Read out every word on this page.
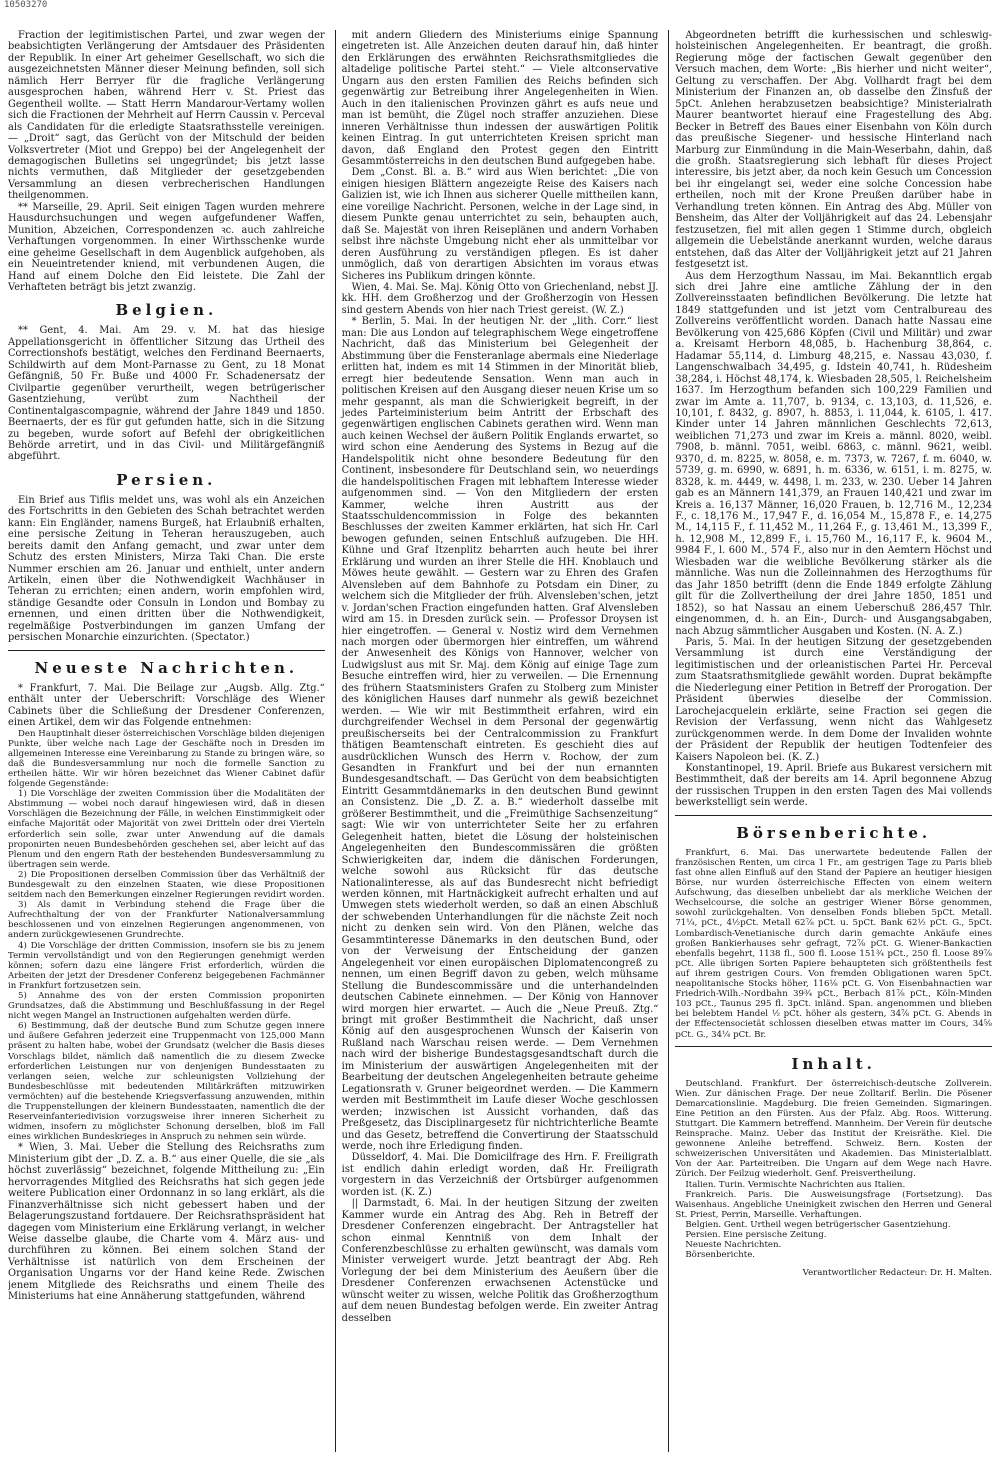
10503270

Fraction der legitimistischen Partei, und zwar wegen der beabsichtigten Verlängerung der Amtsdauer des Präsidenten der Republik. In einer Art geheimer Gesellschaft, wo sich die ausgezeichnetsten Männer dieser Meinung befinden, soll sich nämlich Herr Berryer für die fragliche Verlängerung ausgesprochen haben, während Herr v. St. Priest das Gegentheil wollte. — Statt Herrn Mandarour-Vertamy wollen sich die Fractionen der Mehrheit auf Herrn Caussin v. Perceval als Candidaten für die erledigte Staatsrathsstelle vereinigen. — „Droit“ sagt, das Gerücht von der Mitschuld der beiden Volksvertreter (Miot und Greppo) bei der Angelegenheit der demagogischen Bulletins sei ungegründet; bis jetzt lasse nichts vermuthen, daß Mitglieder der gesetzgebenden Versammlung an diesen verbrecherischen Handlungen theilgenommen.

** Marseille, 29. April. Seit einigen Tagen wurden mehrere Hausdurchsuchungen und wegen aufgefundener Waffen, Munition, Abzeichen, Correspondenzen ꝛc. auch zahlreiche Verhaftungen vorgenommen. In einer Wirthsschenke wurde eine geheime Gesellschaft in dem Augenblick aufgehoben, als ein Neueintretender kniend, mit verbundenen Augen, die Hand auf einem Dolche den Eid leistete. Die Zahl der Verhafteten beträgt bis jetzt zwanzig.

Belgien.

** Gent, 4. Mai. Am 29. v. M. hat das hiesige Appellationsgericht in öffentlicher Sitzung das Urtheil des Correctionshofs bestätigt, welches den Ferdinand Beernaerts, Schildwirth auf dem Mont-Parnasse zu Gent, zu 18 Monat Gefängniß, 50 Fr. Buße und 4000 Fr. Schadenersatz der Civilpartie gegenüber verurtheilt, wegen betrügerischer Gasentziehung, verübt zum Nachtheil der Continentalgascompagnie, während der Jahre 1849 und 1850. Beernaerts, der es für gut gefunden hatte, sich in die Sitzung zu begeben, wurde sofort auf Befehl der obrigkeitlichen Behörde arretirt, und in das Civil- und Militärgefängniß abgeführt.

Persien.

Ein Brief aus Tiflis meldet uns, was wohl als ein Anzeichen des Fortschritts in den Gebieten des Schah betrachtet werden kann: Ein Engländer, namens Burgeß, hat Erlaubniß erhalten, eine persische Zeitung in Teheran herauszugeben, auch bereits damit den Anfang gemacht, und zwar unter dem Schutz des ersten Ministers, Mirza Taki Chan. Die erste Nummer erschien am 26. Januar und enthielt, unter andern Artikeln, einen über die Nothwendigkeit Wachhäuser in Teheran zu errichten; einen andern, worin empfohlen wird, ständige Gesandte oder Consuln in London und Bombay zu ernennen, und einen dritten über die Nothwendigkeit, regelmäßige Postverbindungen im ganzen Umfang der persischen Monarchie einzurichten. (Spectator.)

Neueste Nachrichten.

* Frankfurt, 7. Mai. Die Beilage zur „Augsb. Allg. Ztg.“ enthält unter der Ueberschrift: Vorschläge des Wiener Cabinets über die Schließung der Dresdener Conferenzen, einen Artikel, dem wir das Folgende entnehmen:

Den Hauptinhalt dieser österreichischen Vorschläge bilden diejenigen Punkte, über welche nach Lage der Geschäfte noch in Dresden im allgemeinen Interesse eine Vereinbarung zu Stande zu bringen wäre, so daß die Bundesversammlung nur noch die formelle Sanction zu ertheilen hätte. Wir wir hören bezeichnet das Wiener Cabinet dafür folgende Gegenstände:

1) Die Vorschläge der zweiten Commission über die Modalitäten der Abstimmung — wobei noch darauf hingewiesen wird, daß in diesen Vorschlägen die Bezeichnung der Fälle, in welchen Einstimmigkeit oder einfache Majorität oder Majorität von zwei Dritteln oder drei Vierteln erforderlich sein solle, zwar unter Anwendung auf die damals proponirten neuen Bundesbehörden geschehen sei, aber leicht auf das Plenum und den engern Rath der bestehenden Bundesversammlung zu übertragen sein werde.

2) Die Propositionen derselben Commission über das Verhältniß der Bundesgewalt zu den einzelnen Staaten, wie diese Propositionen seitdem nach den Bemerkungen einzelner Regierungen revidirt worden.

3) Als damit in Verbindung stehend die Frage über die Aufrechthaltung der von der Frankfurter Nationalversammlung beschlossenen und von einzelnen Regierungen angenommenen, von andern zurückgewiesenen Grundrechte.

4) Die Vorschläge der dritten Commission, insofern sie bis zu jenem Termin vervollständigt und von den Regierungen genehmigt werden können; sofern dazu eine längere Frist erforderlich, würden die Arbeiten der jetzt der Dresdener Conferenz beigegebenen Fachmänner in Frankfurt fortzusetzen sein.

5) Annahme des von der ersten Commission proponirten Grundsatzes, daß die Abstimmung und Beschlußfassung in der Regel nicht wegen Mangel an Instructionen aufgehalten werden dürfe.

6) Bestimmung, daß der deutsche Bund zum Schutze gegen innere und äußere Gefahren jederzeit eine Truppenmacht von 125,000 Mann präsent zu halten habe, wobei der Grundsatz (welcher die Basis dieses Vorschlags bildet, nämlich daß namentlich die zu diesem Zwecke erforderlichen Leistungen nur von denjenigen Bundesstaaten zu verlangen seien, welche zur schleunigsten Vollziehung der Bundesbeschlüsse mit bedeutenden Militärkräften mitzuwirken vermöchten) auf die bestehende Kriegsverfassung anzuwenden, mithin die Truppenstellungen der kleinern Bundesstaaten, namentlich die der Reserveinfanteriedivision vorzugsweise ihrer inneren Sicherheit zu widmen, insofern zu möglichster Schonung derselben, bloß im Fall eines wirklichen Bundeskrieges in Anspruch zu nehmen sein würde.

* Wien, 3. Mai. Ueber die Stellung des Reichsraths zum Ministerium gibt der „D. Z. a. B.“ aus einer Quelle, die sie „als höchst zuverlässig“ bezeichnet, folgende Mittheilung zu: „Ein hervorragendes Mitglied des Reichsraths hat sich gegen jede weitere Publication einer Ordonnanz in so lang erklärt, als die Finanzverhältnisse sich nicht gebessert haben und der Belagerungszustand fortdauere. Der Reichsrathspräsident hat dagegen vom Ministerium eine Erklärung verlangt, in welcher Weise dasselbe glaube, die Charte vom 4. März aus- und durchführen zu können. Bei einem solchen Stand der Verhältnisse ist natürlich von dem Erscheinen der Organisation Ungarns vor der Hand keine Rede. Zwischen jenem Mitgliede des Reichsraths und einem Theile des Ministeriums hat eine Annäherung stattgefunden, während

mit andern Gliedern des Ministeriums einige Spannung eingetreten ist. Alle Anzeichen deuten darauf hin, daß hinter den Erklärungen des erwähnten Reichsrathsmitgliedes die altadelige politische Partei steht.“ — Viele altconservative Ungarn aus den ersten Familien des Reichs befinden sich gegenwärtig zur Betreibung ihrer Angelegenheiten in Wien. Auch in den italienischen Provinzen gährt es aufs neue und man ist bemüht, die Zügel noch straffer anzuziehen. Diese inneren Verhältnisse thun indessen der auswärtigen Politik keinen Eintrag. In gut unterrichteten Kreisen spricht man davon, daß England den Protest gegen den Eintritt Gesammtösterreichs in den deutschen Bund aufgegeben habe.

Dem „Const. Bl. a. B.“ wird aus Wien berichtet: „Die von einigen hiesigen Blättern angezeigte Reise des Kaisers nach Galizien ist, wie ich Ihnen aus sicherer Quelle mittheilen kann, eine voreilige Nachricht. Personen, welche in der Lage sind, in diesem Punkte genau unterrichtet zu sein, behaupten auch, daß Se. Majestät von ihren Reiseplänen und andern Vorhaben selbst ihre nächste Umgebung nicht eher als unmittelbar vor deren Ausführung zu verständigen pflegen. Es ist daher unmöglich, daß von derartigen Absichten im voraus etwas Sicheres ins Publikum dringen könnte.

Wien, 4. Mai. Se. Maj. König Otto von Griechenland, nebst JJ. kk. HH. dem Großherzog und der Großherzogin von Hessen sind gestern Abends von hier nach Triest gereist. (W. Z.)

* Berlin, 5. Mai. In der heutigen Nr. der „lith. Corr.“ liest man: Die aus London auf telegraphischem Wege eingetroffene Nachricht, daß das Ministerium bei Gelegenheit der Abstimmung über die Fensteranlage abermals eine Niederlage erlitten hat, indem es mit 14 Stimmen in der Minorität blieb, erregt hier bedeutende Sensation. Wenn man auch in politischen Kreisen auf den Ausgang dieser neuen Krise um so mehr gespannt, als man die Schwierigkeit begreift, in der jedes Parteiministerium beim Antritt der Erbschaft des gegenwärtigen englischen Cabinets gerathen wird. Wenn man auch keinen Wechsel der äußern Politik Englands erwartet, so wird schon eine Aenderung des Systems in Bezug auf die Handelspolitik nicht ohne besondere Bedeutung für den Continent, insbesondere für Deutschland sein, wo neuerdings die handelspolitischen Fragen mit lebhaftem Interesse wieder aufgenommen sind. — Von den Mitgliedern der ersten Kammer, welche ihren Austritt aus der Staatsschuldencommission in Folge des bekannten Beschlusses der zweiten Kammer erklärten, hat sich Hr. Carl bewogen gefunden, seinen Entschluß aufzugeben. Die HH. Kühne und Graf Itzenplitz beharrten auch heute bei ihrer Erklärung und wurden an ihrer Stelle die HH. Knoblauch und Möwes heute gewählt. — Gestern war zu Ehren des Grafen Alvensleben auf dem Bahnhofe zu Potsdam ein Diner, zu welchem sich die Mitglieder der früh. Alvensleben'schen, jetzt v. Jordan'schen Fraction eingefunden hatten. Graf Alvensleben wird am 15. in Dresden zurück sein. — Professor Droysen ist hier eingetroffen. — General v. Nostiz wird dem Vernehmen nach morgen oder übermorgen hier eintreffen, um während der Anwesenheit des Königs von Hannover, welcher von Ludwigslust aus mit Sr. Maj. dem König auf einige Tage zum Besuche eintreffen wird, hier zu verweilen. — Die Ernennung des frühern Staatsministers Grafen zu Stolberg zum Minister des königlichen Hauses darf nunmehr als gewiß bezeichnet werden. — Wie wir mit Bestimmtheit erfahren, wird ein durchgreifender Wechsel in dem Personal der gegenwärtig preußischerseits bei der Centralcommission zu Frankfurt thätigen Beamtenschaft eintreten. Es geschieht dies auf ausdrücklichen Wunsch des Herrn v. Rochow, der zum Gesandten in Frankfurt und bei der nun ernannten Bundesgesandtschaft. — Das Gerücht von dem beabsichtigten Eintritt Gesammtdänemarks in den deutschen Bund gewinnt an Consistenz. Die „D. Z. a. B.“ wiederholt dasselbe mit größerer Bestimmtheit, und die „Freimüthige Sachsenzeitung“ sagt: Wie wir von unterrichteter Seite her zu erfahren Gelegenheit hatten, bietet die Lösung der holsteinischen Angelegenheiten den Bundescommissären die größten Schwierigkeiten dar, indem die dänischen Forderungen, welche sowohl aus Rücksicht für das deutsche Nationalinteresse, als auf das Bundesrecht nicht befriedigt werden können, mit Hartnäckigkeit aufrecht erhalten und auf Umwegen stets wiederholt werden, so daß an einen Abschluß der schwebenden Unterhandlungen für die nächste Zeit noch nicht zu denken sein wird. Von den Plänen, welche das Gesammtinteresse Dänemarks in den deutschen Bund, oder von der Verweisung der Entscheidung der ganzen Angelegenheit vor einen europäischen Diplomatencongreß zu nennen, um einen Begriff davon zu geben, welch mühsame Stellung die Bundescommissäre und die unterhandelnden deutschen Cabinete einnehmen. — Der König von Hannover wird morgen hier erwartet. — Auch die „Neue Preuß. Ztg.“ bringt mit großer Bestimmtheit die Nachricht, daß unser König auf den ausgesprochenen Wunsch der Kaiserin von Rußland nach Warschau reisen werde. — Dem Vernehmen nach wird der bisherige Bundestagsgesandtschaft durch die im Ministerium der auswärtigen Angelegenheiten mit der Bearbeitung der deutschen Angelegenheiten betraute geheime Legationsrath v. Gruner beigeordnet werden. — Die Kammern werden mit Bestimmtheit im Laufe dieser Woche geschlossen werden; inzwischen ist Aussicht vorhanden, daß das Preßgesetz, das Disciplinargesetz für nichtrichterliche Beamte und das Gesetz, betreffend die Convertirung der Staatsschuld werde, noch ihre Erledigung finden.

Düsseldorf, 4. Mai. Die Domicilfrage des Hrn. F. Freiligrath ist endlich dahin erledigt worden, daß Hr. Freiligrath vorgestern in das Verzeichniß der Ortsbürger aufgenommen worden ist. (K. Z.)

|| Darmstadt, 6. Mai. In der heutigen Sitzung der zweiten Kammer wurde ein Antrag des Abg. Reh in Betreff der Dresdener Conferenzen eingebracht. Der Antragsteller hat schon einmal Kenntniß von dem Inhalt der Conferenzbeschlüsse zu erhalten gewünscht, was damals vom Minister verweigert wurde. Jetzt beantragt der Abg. Reh Vorlegung der bei dem Ministerium des Aeußern über die Dresdener Conferenzen erwachsenen Actenstücke und wünscht weiter zu wissen, welche Politik das Großherzogthum auf dem neuen Bundestag befolgen werde. Ein zweiter Antrag desselben

Abgeordneten betrifft die kurhessischen und schleswig-holsteinischen Angelegenheiten. Er beantragt, die großh. Regierung möge der factischen Gewalt gegenüber den Versuch machen, dem Worte: „Bis hierher und nicht weiter“, Geltung zu verschaffen. Der Abg. Vollhardt fragt bei dem Ministerium der Finanzen an, ob dasselbe den Zinsfuß der 5pCt. Anlehen herabzusetzen beabsichtige? Ministerialrath Maurer beantwortet hierauf eine Fragestellung des Abg. Becker in Betreff des Baues einer Eisenbahn von Köln durch das preußische Siegener- und hessische Hinterland nach Marburg zur Einmündung in die Main-Weserbahn, dahin, daß die großh. Staatsregierung sich lebhaft für dieses Project interessire, bis jetzt aber, da noch kein Gesuch um Concession bei ihr eingelangt sei, weder eine solche Concession habe ertheilen, noch mit der Krone Preußen darüber habe in Verhandlung treten können. Ein Antrag des Abg. Müller von Bensheim, das Alter der Volljährigkeit auf das 24. Lebensjahr festzusetzen, fiel mit allen gegen 1 Stimme durch, obgleich allgemein die Uebelstände anerkannt wurden, welche daraus entstehen, daß das Alter der Volljährigkeit jetzt auf 21 Jahren festgesetzt ist.

Aus dem Herzogthum Nassau, im Mai. Bekanntlich ergab sich drei Jahre eine amtliche Zählung der in den Zollvereinsstaaten befindlichen Bevölkerung. Die letzte hat 1849 stattgefunden und ist jetzt vom Centralbureau des Zollvereins veröffentlicht worden. Danach hatte Nassau eine Bevölkerung von 425,686 Köpfen (Civil und Militär) und zwar a. Kreisamt Herborn 48,085, b. Hachenburg 38,864, c. Hadamar 55,114, d. Limburg 48,215, e. Nassau 43,030, f. Langenschwalbach 34,495, g. Idstein 40,741, h. Rüdesheim 38,284, i. Höchst 48,174, k. Wiesbaden 28,505, l. Reichelsheim 1637. Im Herzogthum befanden sich 100,229 Familien und zwar im Amte a. 11,707, b. 9134, c. 13,103, d. 11,526, e. 10,101, f. 8432, g. 8907, h. 8853, i. 11,044, k. 6105, l. 417. Kinder unter 14 Jahren männlichen Geschlechts 72,613, weiblichen 71,273 und zwar im Kreis a. männl. 8020, weibl. 7908, b. männl. 7051, weibl. 6863, c. männl. 9621, weibl. 9370, d. m. 8225, w. 8058, e. m. 7373, w. 7267, f. m. 6040, w. 5739, g. m. 6990, w. 6891, h. m. 6336, w. 6151, i. m. 8275, w. 8328, k. m. 4449, w. 4498, l. m. 233, w. 230. Ueber 14 Jahren gab es an Männern 141,379, an Frauen 140,421 und zwar im Kreis a. 16,137 Männer, 16,020 Frauen, b. 12,716 M., 12,234 F., c. 18,176 M., 17,947 F., d. 16,054 M., 15,878 F., e. 14,275 M., 14,115 F., f. 11,452 M., 11,264 F., g. 13,461 M., 13,399 F., h. 12,908 M., 12,899 F., i. 15,760 M., 16,117 F., k. 9604 M., 9984 F., l. 600 M., 574 F., also nur in den Aemtern Höchst und Wiesbaden war die weibliche Bevölkerung stärker als die männliche. Was nun die Zolleinnahmen des Herzogthums für das Jahr 1850 betrifft (denn die Ende 1849 erfolgte Zählung gilt für die Zollvertheilung der drei Jahre 1850, 1851 und 1852), so hat Nassau an einem Ueberschuß 286,457 Thlr. eingenommen, d. h. an Ein-, Durch- und Ausgangsabgaben, nach Abzug sämmtlicher Ausgaben und Kosten. (N. A. Z.)

Paris, 5. Mai. In der heutigen Sitzung der gesetzgebenden Versammlung ist durch eine Verständigung der legitimistischen und der orleanistischen Partei Hr. Perceval zum Staatsrathsmitgliede gewählt worden. Duprat bekämpfte die Niederlegung einer Petition in Betreff der Prorogation. Der Präsident überwies dieselbe der Commission. Larochejacquelein erklärte, seine Fraction sei gegen die Revision der Verfassung, wenn nicht das Wahlgesetz zurückgenommen werde. In dem Dome der Invaliden wohnte der Präsident der Republik der heutigen Todtenfeier des Kaisers Napoleon bei. (K. Z.)

Konstantinopel, 19. April. Briefe aus Bukarest versichern mit Bestimmtheit, daß der bereits am 14. April begonnene Abzug der russischen Truppen in den ersten Tagen des Mai vollends bewerkstelligt sein werde.

Börsenberichte.

Frankfurt, 6. Mai. Das unerwartete bedeutende Fallen der französischen Renten, um circa 1 Fr., am gestrigen Tage zu Paris blieb fast ohne allen Einfluß auf den Stand der Papiere an heutiger hiesigen Börse, nur wurden österreichische Effecten von einem weitern Aufschwung, das dieselben unbeliebt dar als merkliche Weichen der Wechselcourse, die solche an gestriger Wiener Börse genommen, sowohl zurückgehalten. Von denselben Fonds blieben 5pCt. Metall. 71¼, pCt., 4½pCt. Metall 62⅞ pCt. u. 5pCt. Bank 62½ pCt. G., 5pCt. Lombardisch-Venetianische durch darin gemachte Ankäufe eines großen Bankierhauses sehr gefragt, 72⅞ pCt. G. Wiener-Bankactien ebenfalls begehrt, 1138 fl., 500 fl. Loose 151¾ pCt., 250 fl. Loose 89⅞ pCt. Alle übrigen Sorten Papiere behaupteten sich größtentheils fest auf ihrem gestrigen Cours. Von fremden Obligationen waren 5pCt. neapolitanische Stocks höher, 116⅛ pCt. G. Von Eisenbahnactien war Friedrich-Wilh.-Nordbahn 39¾ pCt., Berbach 81⅞ pCt., Köln-Minden 103 pCt., Taunus 295 fl. 3pCt. inländ. Span. angenommen und blieben bei belebtem Handel ½ pCt. höher als gestern, 34⅞ pCt. G. Abends in der Effectensocietät schlossen dieselben etwas matter im Cours, 34⅝ pCt. G., 34¼ pCt. Br.

Inhalt.

Deutschland. Frankfurt. Der österreichisch-deutsche Zollverein. Wien. Zur dänischen Frage. Der neue Zolltarif. Berlin. Die Pösener Demarcationslinie. Magdeburg. Die freien Gemeinden. Sigmaringen. Eine Petition an den Fürsten. Aus der Pfalz. Abg. Roos. Witterung. Stuttgart. Die Kammern betreffend. Mannheim. Der Verein für deutsche Reinsprache. Mainz. Ueber das Institut der Kreisräthe. Kiel. Die gewonnene Anleihe betreffend. Schweiz. Bern. Kosten der schweizerischen Universitäten und Akademien. Das Ministerialblatt. Von der Aar. Parteitreiben. Die Ungarn auf dem Wege nach Havre. Zürich. Der Feilzug wiederholt. Genf. Preisvertheilung.

Italien. Turin. Vermischte Nachrichten aus Italien.

Frankreich. Paris. Die Ausweisungsfrage (Fortsetzung). Das Waisenhaus. Angebliche Uneinigkeit zwischen den Herren und General St. Priest, Perrin, Marseille. Verhaftungen.

Belgien. Gent. Urtheil wegen betrügerischer Gasentziehung.

Persien. Eine persische Zeitung.

Neueste Nachrichten.

Börsenberichte.

Verantwortlicher Redacteur: Dr. H. Malten.
